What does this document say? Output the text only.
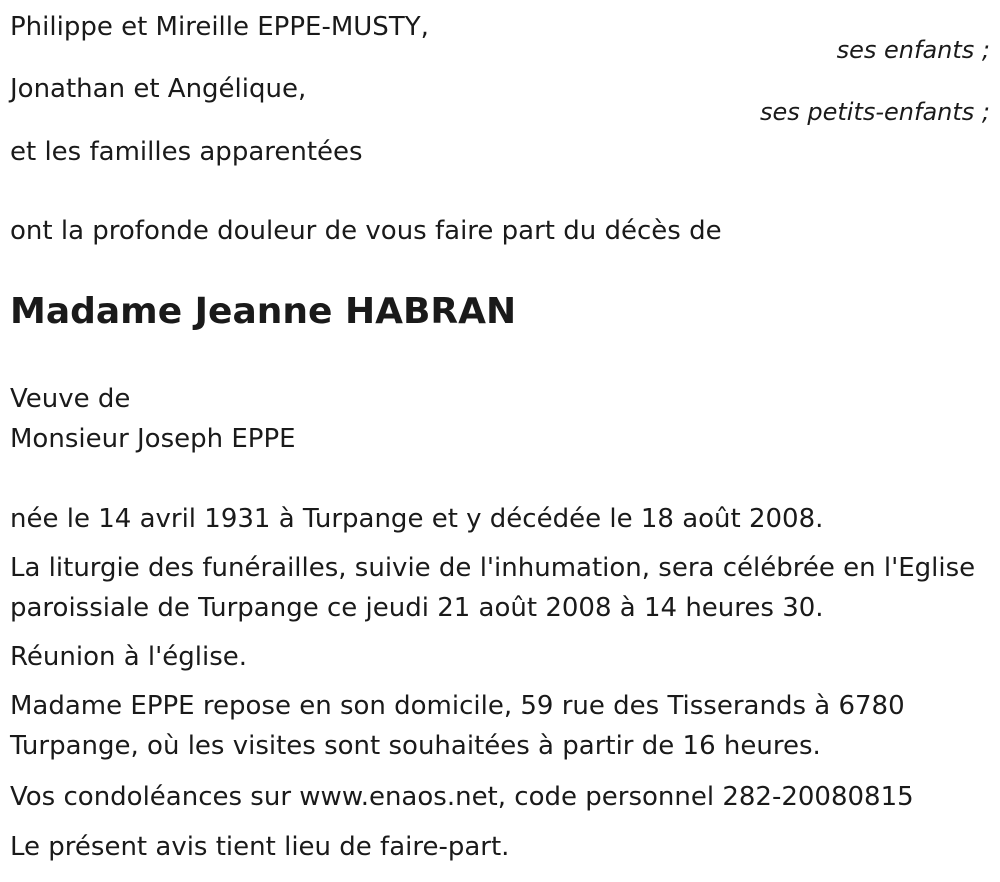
Philippe et Mireille EPPE-MUSTY,
ses enfants ;
Jonathan et Angélique,
ses petits-enfants ;
et les familles apparentées
ont la profonde douleur de vous faire part du décès de
Madame Jeanne HABRAN
Veuve de
Monsieur Joseph EPPE
née le 14 avril 1931 à Turpange et y décédée le 18 août 2008.
La liturgie des funérailles, suivie de l'inhumation, sera célébrée en l'Eglise paroissiale de Turpange ce jeudi 21 août 2008 à 14 heures 30.
Réunion à l'église.
Madame EPPE repose en son domicile, 59 rue des Tisserands à 6780 Turpange, où les visites sont souhaitées à partir de 16 heures.
Vos condoléances sur www.enaos.net, code personnel 282-20080815
Le présent avis tient lieu de faire-part.
